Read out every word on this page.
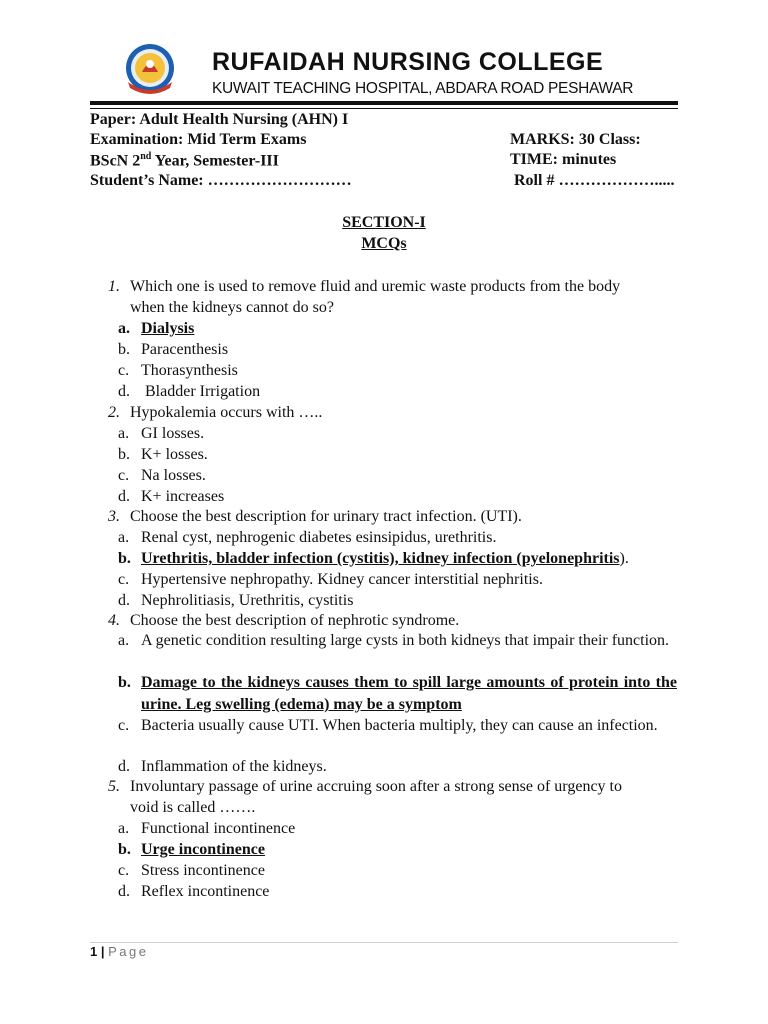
RUFAIDAH NURSING COLLEGE
KUWAIT TEACHING HOSPITAL, ABDARA ROAD PESHAWAR
Paper: Adult Health Nursing (AHN) I
Examination: Mid Term Exams	MARKS: 30 Class:
BScN 2nd Year, Semester-III	TIME: minutes
Student’s Name: ………………………	Roll # ……………….....
SECTION-I
MCQs
1. Which one is used to remove fluid and uremic waste products from the body
when the kidneys cannot do so?
a. Dialysis
b. Paracenthesis
c. Thorasynthesis
d. Bladder Irrigation
2. Hypokalemia occurs with …..
a. GI losses.
b. K+ losses.
c. Na losses.
d. K+ increases
3. Choose the best description for urinary tract infection. (UTI).
a. Renal cyst, nephrogenic diabetes esinsipidus, urethritis.
b. Urethritis, bladder infection (cystitis), kidney infection (pyelonephritis).
c. Hypertensive nephropathy. Kidney cancer interstitial nephritis.
d. Nephrolitiasis, Urethritis, cystitis
4. Choose the best description of nephrotic syndrome.
a. A genetic condition resulting large cysts in both kidneys that impair their function.
b. Damage to the kidneys causes them to spill large amounts of protein into the urine. Leg swelling (edema) may be a symptom
c. Bacteria usually cause UTI. When bacteria multiply, they can cause an infection.
d. Inflammation of the kidneys.
5. Involuntary passage of urine accruing soon after a strong sense of urgency to
void is called …….
a. Functional incontinence
b. Urge incontinence
c. Stress incontinence
d. Reflex incontinence
1 | Page
